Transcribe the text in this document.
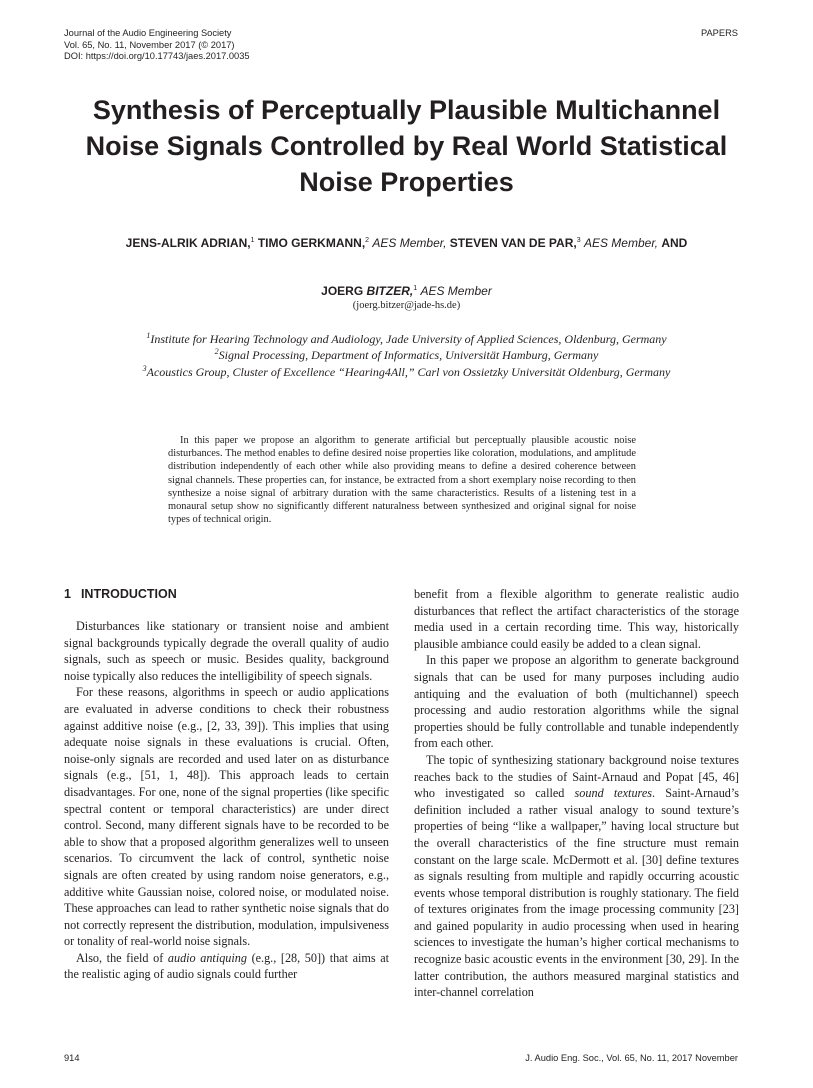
Journal of the Audio Engineering Society
Vol. 65, No. 11, November 2017 (© 2017)
DOI: https://doi.org/10.17743/jaes.2017.0035
PAPERS
Synthesis of Perceptually Plausible Multichannel
Noise Signals Controlled by Real World Statistical
Noise Properties
JENS-ALRIK ADRIAN,$^1$ TIMO GERKMANN,$^2$ AES Member, STEVEN VAN DE PAR,$^3$ AES Member, AND
JOERG BITZER,$^1$ AES Member
(joerg.bitzer@jade-hs.de)
$^1$Institute for Hearing Technology and Audiology, Jade University of Applied Sciences, Oldenburg, Germany
$^2$Signal Processing, Department of Informatics, Universität Hamburg, Germany
$^3$Acoustics Group, Cluster of Excellence “Hearing4All,” Carl von Ossietzky Universität Oldenburg, Germany
In this paper we propose an algorithm to generate artificial but perceptually plausible acoustic noise disturbances. The method enables to define desired noise properties like coloration, modulations, and amplitude distribution independently of each other while also providing means to define a desired coherence between signal channels. These properties can, for instance, be extracted from a short exemplary noise recording to then synthesize a noise signal of arbitrary duration with the same characteristics. Results of a listening test in a monaural setup show no significantly different naturalness between synthesized and original signal for noise types of technical origin.
1 INTRODUCTION

Disturbances like stationary or transient noise and ambient signal backgrounds typically degrade the overall quality of audio signals, such as speech or music. Besides quality, background noise typically also reduces the intelligibility of speech signals.

For these reasons, algorithms in speech or audio applications are evaluated in adverse conditions to check their robustness against additive noise (e.g., [2, 33, 39]). This implies that using adequate noise signals in these evaluations is crucial. Often, noise-only signals are recorded and used later on as disturbance signals (e.g., [51, 1, 48]). This approach leads to certain disadvantages. For one, none of the signal properties (like specific spectral content or temporal characteristics) are under direct control. Second, many different signals have to be recorded to be able to show that a proposed algorithm generalizes well to unseen scenarios. To circumvent the lack of control, synthetic noise signals are often created by using random noise generators, e.g., additive white Gaussian noise, colored noise, or modulated noise. These approaches can lead to rather synthetic noise signals that do not correctly represent the distribution, modulation, impulsiveness or tonality of real-world noise signals.

Also, the field of audio antiquing (e.g., [28, 50]) that aims at the realistic aging of audio signals could further

benefit from a flexible algorithm to generate realistic audio disturbances that reflect the artifact characteristics of the storage media used in a certain recording time. This way, historically plausible ambiance could easily be added to a clean signal.

In this paper we propose an algorithm to generate background signals that can be used for many purposes including audio antiquing and the evaluation of both (multichannel) speech processing and audio restoration algorithms while the signal properties should be fully controllable and tunable independently from each other.

The topic of synthesizing stationary background noise textures reaches back to the studies of Saint-Arnaud and Popat [45, 46] who investigated so called sound textures. Saint-Arnaud’s definition included a rather visual analogy to sound texture’s properties of being “like a wallpaper,” having local structure but the overall characteristics of the fine structure must remain constant on the large scale. McDermott et al. [30] define textures as signals resulting from multiple and rapidly occurring acoustic events whose temporal distribution is roughly stationary. The field of textures originates from the image processing community [23] and gained popularity in audio processing when used in hearing sciences to investigate the human’s higher cortical mechanisms to recognize basic acoustic events in the environment [30, 29]. In the latter contribution, the authors measured marginal statistics and inter-channel correlation

914	J. Audio Eng. Soc., Vol. 65, No. 11, 2017 November
